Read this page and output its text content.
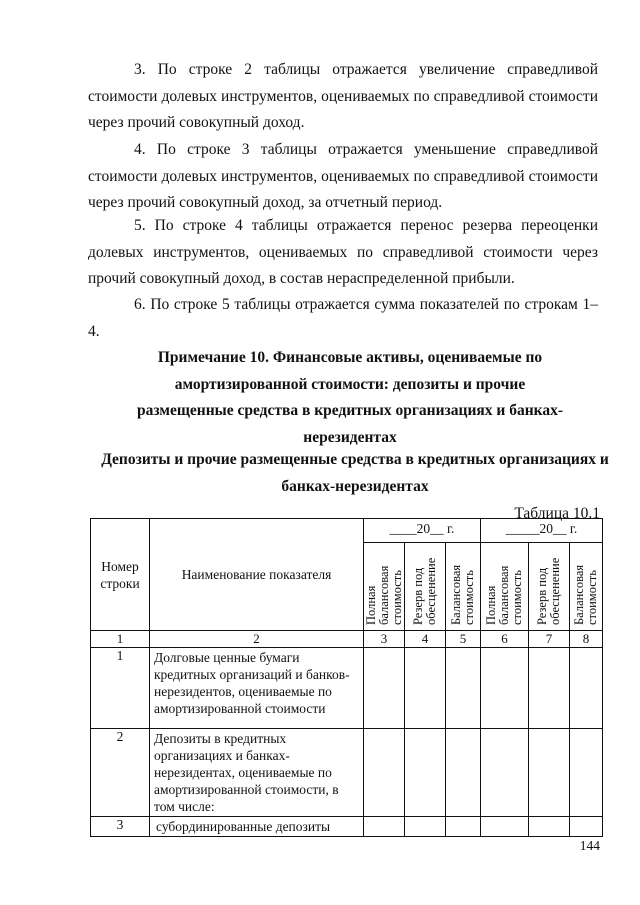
3. По строке 2 таблицы отражается увеличение справедливой стоимости долевых инструментов, оцениваемых по справедливой стоимости через прочий совокупный доход.

4. По строке 3 таблицы отражается уменьшение справедливой стоимости долевых инструментов, оцениваемых по справедливой стоимости через прочий совокупный доход, за отчетный период.

5. По строке 4 таблицы отражается перенос резерва переоценки долевых инструментов, оцениваемых по справедливой стоимости через прочий совокупный доход, в состав нераспределенной прибыли.

6. По строке 5 таблицы отражается сумма показателей по строкам 1–4.

Примечание 10. Финансовые активы, оцениваемые по амортизированной стоимости: депозиты и прочие размещенные средства в кредитных организациях и банках-нерезидентах

Депозиты и прочие размещенные средства в кредитных организациях и банках-нерезидентах

Таблица 10.1
Номер строки	Наименование показателя	____20__ г.			_____20__ г.		
		Полная балансовая стоимость	Резерв под обесценение	Балансовая стоимость	Полная балансовая стоимость	Резерв под обесценение	Балансовая стоимость
1	2	3	4	5	6	7	8
1	Долговые ценные бумаги кредитных организаций и банков-нерезидентов, оцениваемые по амортизированной стоимости						
2	Депозиты в кредитных организациях и банках-нерезидентах, оцениваемые по амортизированной стоимости, в том числе:						
3	субординированные депозиты						
144
